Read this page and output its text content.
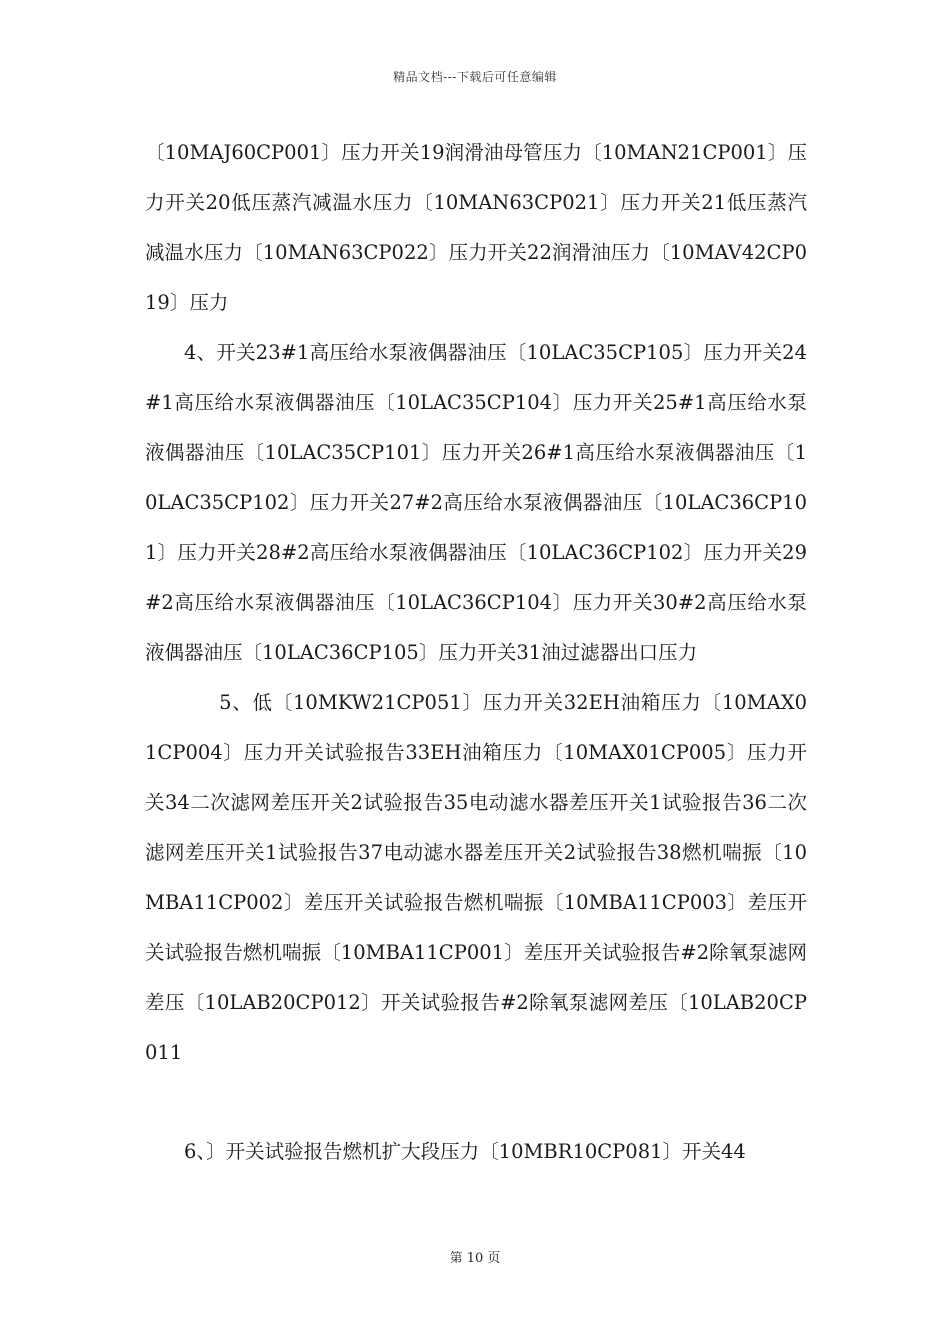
精品文档---下载后可任意编辑

〔10MAJ60CP001〕压力开关19润滑油母管压力〔10MAN21CP001〕压力开关20低压蒸汽减温水压力〔10MAN63CP021〕压力开关21低压蒸汽减温水压力〔10MAN63CP022〕压力开关22润滑油压力〔10MAV42CP019〕压力

4、开关23#1高压给水泵液偶器油压〔10LAC35CP105〕压力开关24#1高压给水泵液偶器油压〔10LAC35CP104〕压力开关25#1高压给水泵液偶器油压〔10LAC35CP101〕压力开关26#1高压给水泵液偶器油压〔10LAC35CP102〕压力开关27#2高压给水泵液偶器油压〔10LAC36CP101〕压力开关28#2高压给水泵液偶器油压〔10LAC36CP102〕压力开关29#2高压给水泵液偶器油压〔10LAC36CP104〕压力开关30#2高压给水泵液偶器油压〔10LAC36CP105〕压力开关31油过滤器出口压力

5、低〔10MKW21CP051〕压力开关32EH油箱压力〔10MAX01CP004〕压力开关试验报告33EH油箱压力〔10MAX01CP005〕压力开关34二次滤网差压开关2试验报告35电动滤水器差压开关1试验报告36二次滤网差压开关1试验报告37电动滤水器差压开关2试验报告38燃机喘振〔10MBA11CP002〕差压开关试验报告燃机喘振〔10MBA11CP003〕差压开关试验报告燃机喘振〔10MBA11CP001〕差压开关试验报告#2除氧泵滤网差压〔10LAB20CP012〕开关试验报告#2除氧泵滤网差压〔10LAB20CP011

6、〕开关试验报告燃机扩大段压力〔10MBR10CP081〕开关44

第 10 页
